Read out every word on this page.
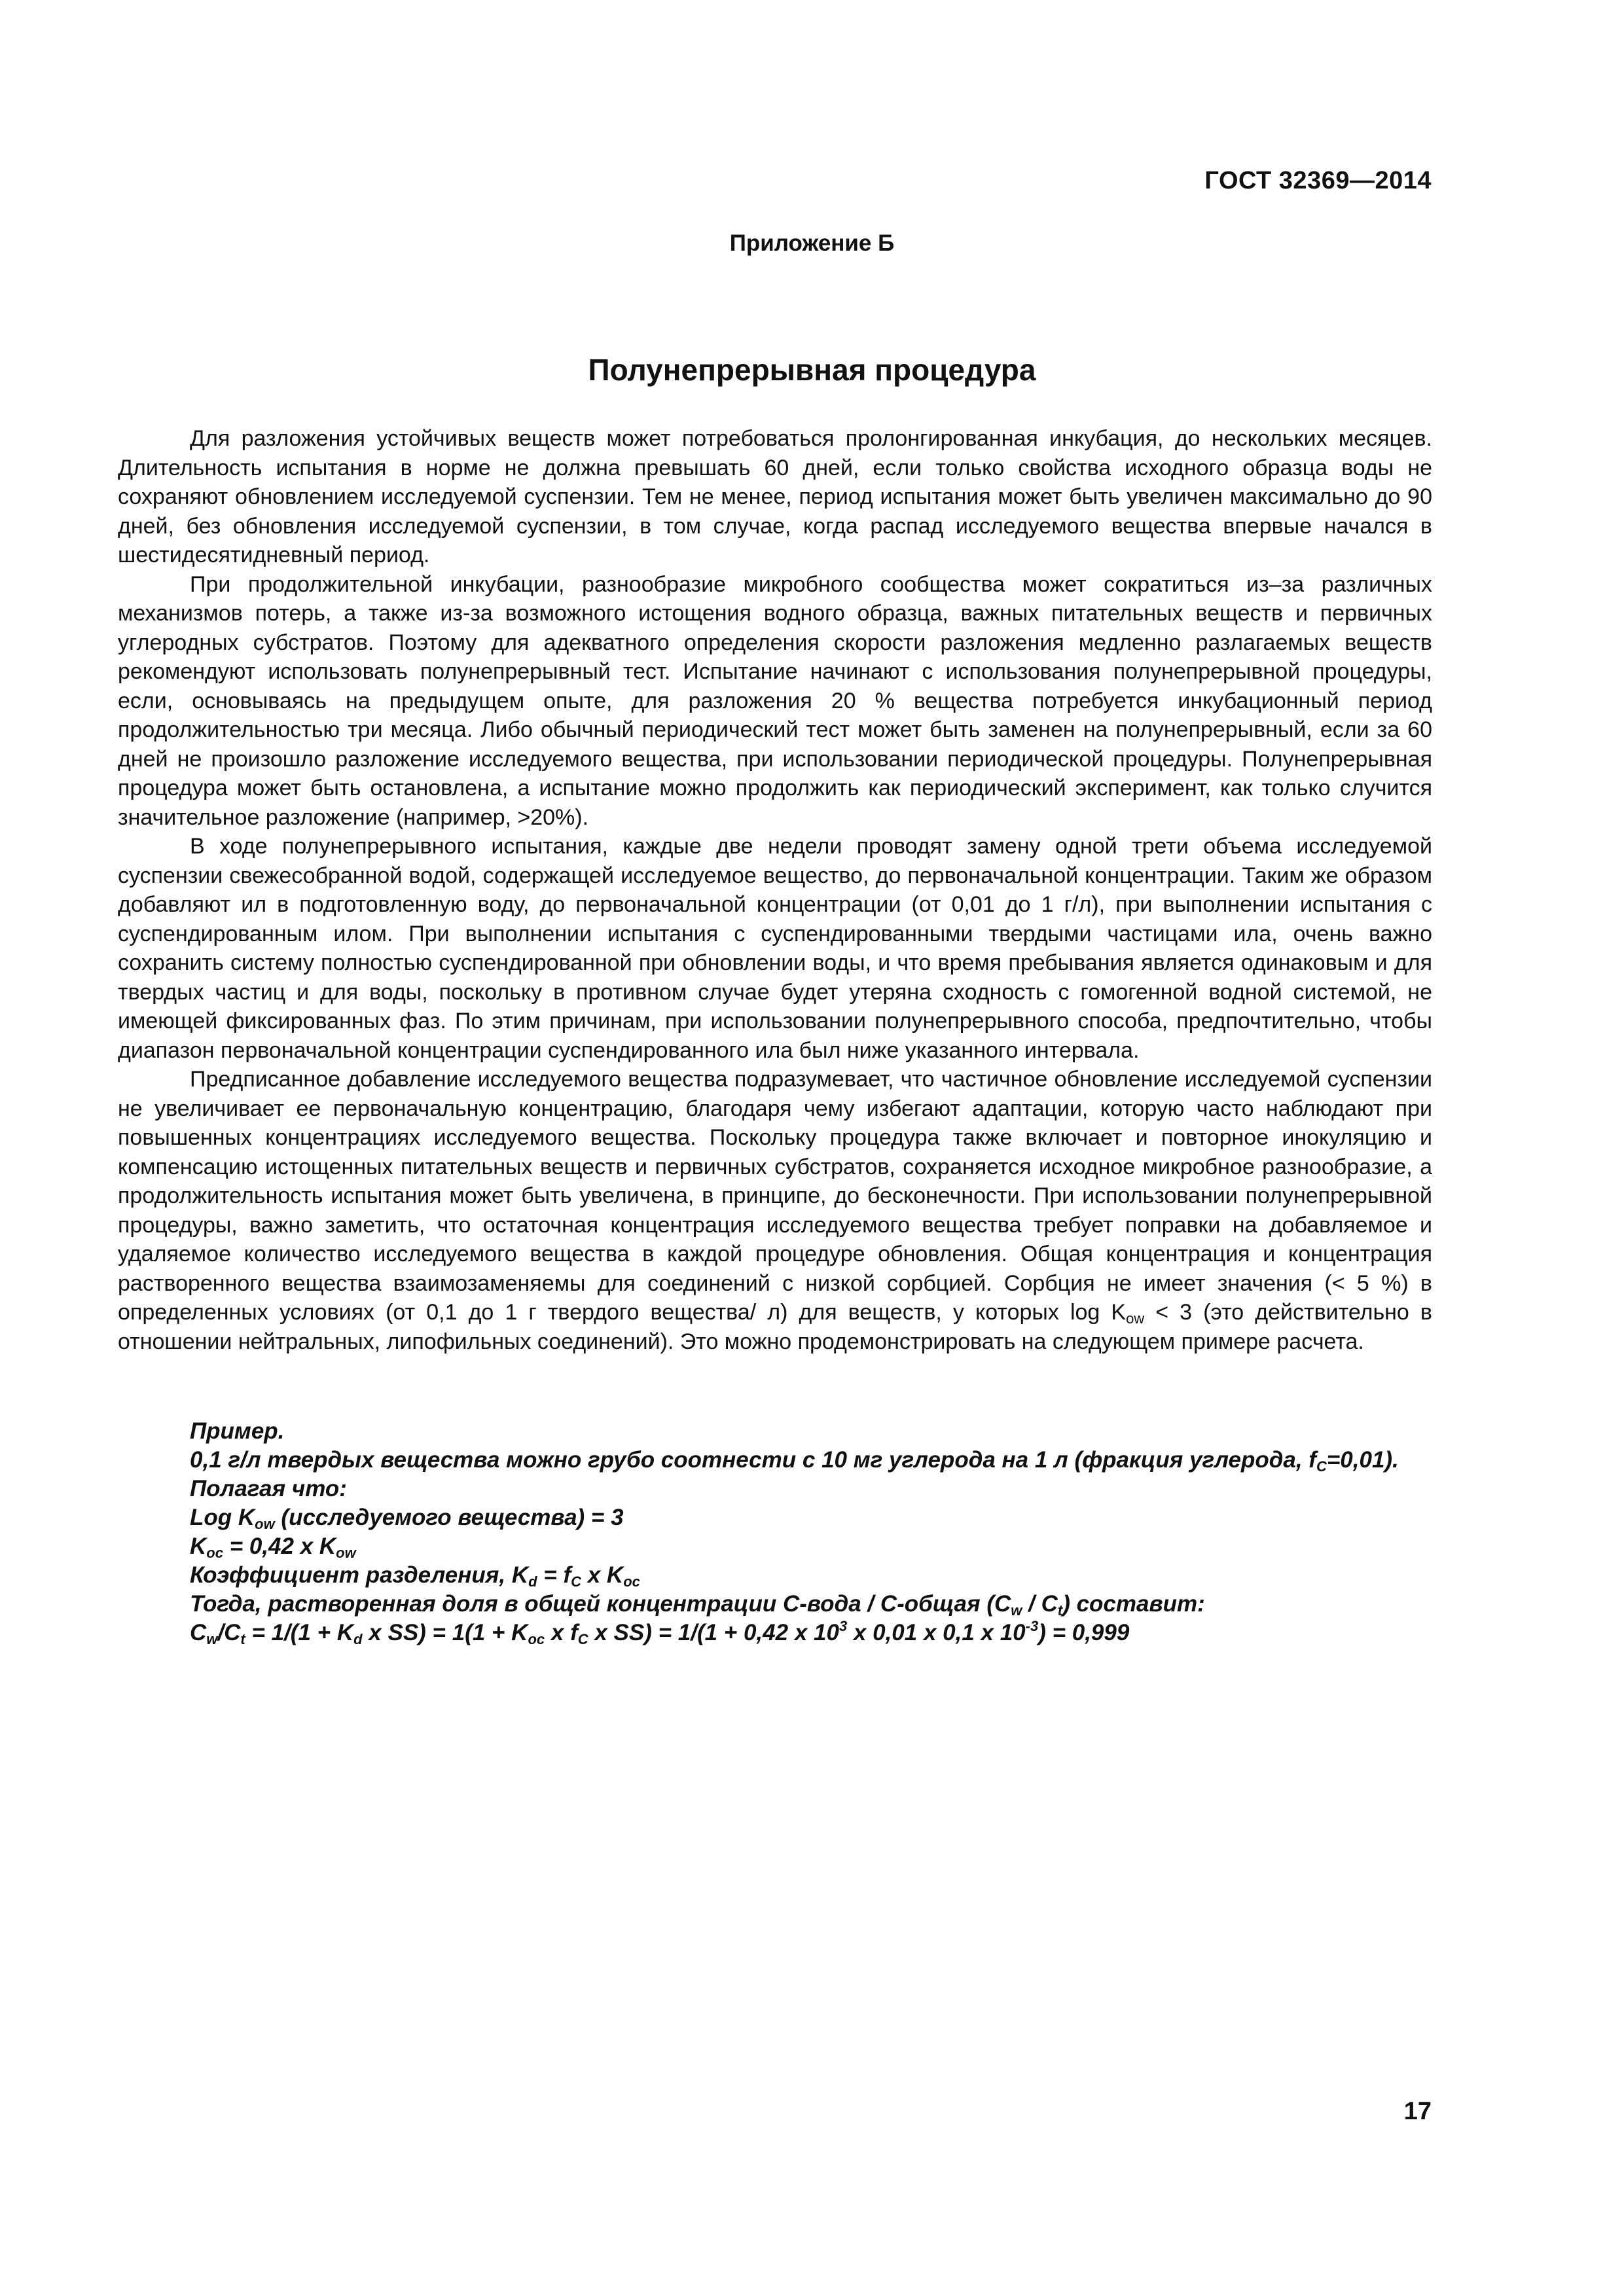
ГОСТ 32369—2014
Приложение Б
Полунепрерывная процедура

Для разложения устойчивых веществ может потребоваться пролонгированная инкубация, до нескольких месяцев. Длительность испытания в норме не должна превышать 60 дней, если только свойства исходного образца воды не сохраняют обновлением исследуемой суспензии. Тем не менее, период испытания может быть увеличен максимально до 90 дней, без обновления исследуемой суспензии, в том случае, когда распад исследуемого вещества впервые начался в шестидесятидневный период.

При продолжительной инкубации, разнообразие микробного сообщества может сократиться из–за различных механизмов потерь, а также из-за возможного истощения водного образца, важных питательных веществ и первичных углеродных субстратов. Поэтому для адекватного определения скорости разложения медленно разлагаемых веществ рекомендуют использовать полунепрерывный тест. Испытание начинают с использования полунепрерывной процедуры, если, основываясь на предыдущем опыте, для разложения 20 % вещества потребуется инкубационный период продолжительностью три месяца. Либо обычный периодический тест может быть заменен на полунепрерывный, если за 60 дней не произошло разложение исследуемого вещества, при использовании периодической процедуры. Полунепрерывная процедура может быть остановлена, а испытание можно продолжить как периодический эксперимент, как только случится значительное разложение (например, >20%).

В ходе полунепрерывного испытания, каждые две недели проводят замену одной трети объема исследуемой суспензии свежесобранной водой, содержащей исследуемое вещество, до первоначальной концентрации. Таким же образом добавляют ил в подготовленную воду, до первоначальной концентрации (от 0,01 до 1 г/л), при выполнении испытания с суспендированным илом. При выполнении испытания с суспендированными твердыми частицами ила, очень важно сохранить систему полностью суспендированной при обновлении воды, и что время пребывания является одинаковым и для твердых частиц и для воды, поскольку в противном случае будет утеряна сходность с гомогенной водной системой, не имеющей фиксированных фаз. По этим причинам, при использовании полунепрерывного способа, предпочтительно, чтобы диапазон первоначальной концентрации суспендированного ила был ниже указанного интервала.

Предписанное добавление исследуемого вещества подразумевает, что частичное обновление исследуемой суспензии не увеличивает ее первоначальную концентрацию, благодаря чему избегают адаптации, которую часто наблюдают при повышенных концентрациях исследуемого вещества. Поскольку процедура также включает и повторное инокуляцию и компенсацию истощенных питательных веществ и первичных субстратов, сохраняется исходное микробное разнообразие, а продолжительность испытания может быть увеличена, в принципе, до бесконечности. При использовании полунепрерывной процедуры, важно заметить, что остаточная концентрация исследуемого вещества требует поправки на добавляемое и удаляемое количество исследуемого вещества в каждой процедуре обновления. Общая концентрация и концентрация растворенного вещества взаимозаменяемы для соединений с низкой сорбцией. Сорбция не имеет значения (< 5 %) в определенных условиях (от 0,1 до 1 г твердого вещества/ л) для веществ, у которых $\log K_{ow} < 3$ (это действительно в отношении нейтральных, липофильных соединений). Это можно продемонстрировать на следующем примере расчета.

Пример.
0,1 г/л твердых вещества можно грубо соотнести с 10 мг углерода на 1 л (фракция углерода, $f_C=0,01$).
Полагая что:
Log $K_{ow}$ (исследуемого вещества) = 3
$K_{oc} = 0,42$ x $K_{ow}$
Коэффициент разделения, $K_d = f_C$ x $K_{oc}$
Тогда, растворенная доля в общей концентрации С-вода / С-общая $(C_w / C_t)$ составит:
$C_w/C_t = 1/(1 + K_d$ x $SS) = 1(1 + K_{oc}$ x $f_C$ x SS) = 1/(1 + 0,42 x $10^3$ x 0,01 x 0,1 x $10^{-3}) = 0,999$
17
